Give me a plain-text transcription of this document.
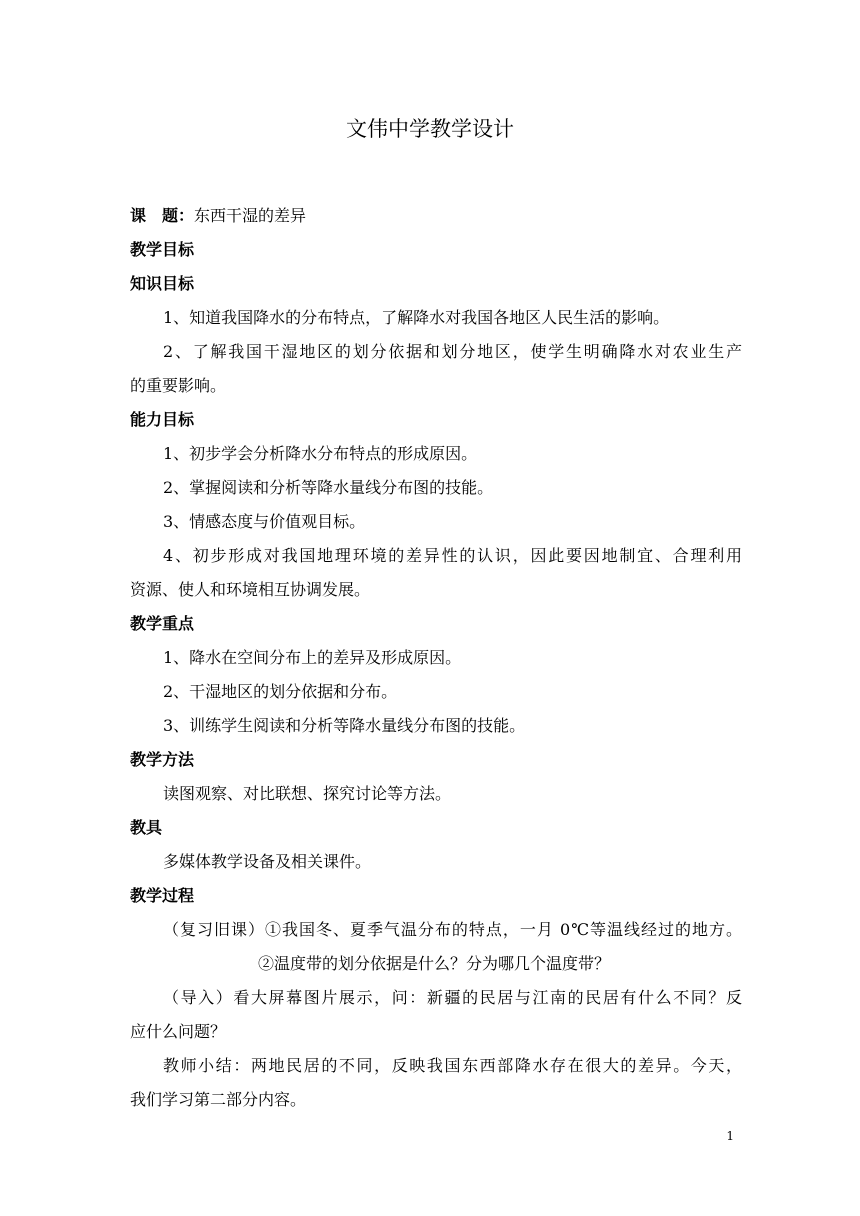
文伟中学教学设计
课　题：东西干湿的差异
教学目标
知识目标
1、知道我国降水的分布特点，了解降水对我国各地区人民生活的影响。
2、了解我国干湿地区的划分依据和划分地区，使学生明确降水对农业生产
的重要影响。
能力目标
1、初步学会分析降水分布特点的形成原因。
2、掌握阅读和分析等降水量线分布图的技能。
3、情感态度与价值观目标。
4、初步形成对我国地理环境的差异性的认识，因此要因地制宜、合理利用
资源、使人和环境相互协调发展。
教学重点
1、降水在空间分布上的差异及形成原因。
2、干湿地区的划分依据和分布。
3、训练学生阅读和分析等降水量线分布图的技能。
教学方法
读图观察、对比联想、探究讨论等方法。
教具
多媒体教学设备及相关课件。
教学过程
（复习旧课）①我国冬、夏季气温分布的特点，一月 0℃等温线经过的地方。
②温度带的划分依据是什么？分为哪几个温度带？
（导入）看大屏幕图片展示，问：新疆的民居与江南的民居有什么不同？反
应什么问题？
教师小结：两地民居的不同，反映我国东西部降水存在很大的差异。今天，
我们学习第二部分内容。
1
